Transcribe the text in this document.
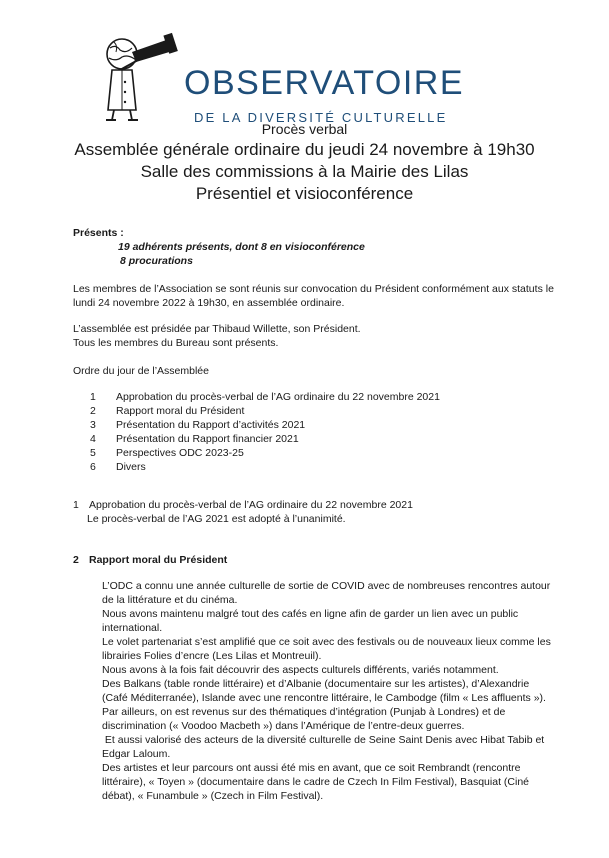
OBSERVATOIRE
DE LA DIVERSITÉ CULTURELLE
Procès verbal
Assemblée générale ordinaire du jeudi 24 novembre à 19h30
Salle des commissions à la Mairie des Lilas
Présentiel et visioconférence
Présents :
19 adhérents présents, dont 8 en visioconférence
8 procurations
Les membres de l’Association se sont réunis sur convocation du Président conformément aux statuts le
lundi 24 novembre 2022 à 19h30, en assemblée ordinaire.
L’assemblée est présidée par Thibaud Willette, son Président.
Tous les membres du Bureau sont présents.
Ordre du jour de l’Assemblée
1 Approbation du procès-verbal de l’AG ordinaire du 22 novembre 2021
2 Rapport moral du Président
3 Présentation du Rapport d’activités 2021
4 Présentation du Rapport financier 2021
5 Perspectives ODC 2023-25
6 Divers
1 Approbation du procès-verbal de l’AG ordinaire du 22 novembre 2021
Le procès-verbal de l’AG 2021 est adopté à l’unanimité.
2 Rapport moral du Président

L’ODC a connu une année culturelle de sortie de COVID avec de nombreuses rencontres autour

de la littérature et du cinéma.

Nous avons maintenu malgré tout des cafés en ligne afin de garder un lien avec un public

international.

Le volet partenariat s’est amplifié que ce soit avec des festivals ou de nouveaux lieux comme les

librairies Folies d’encre (Les Lilas et Montreuil).

Nous avons à la fois fait découvrir des aspects culturels différents, variés notamment.

Des Balkans (table ronde littéraire) et d’Albanie (documentaire sur les artistes), d’Alexandrie

(Café Méditerranée), Islande avec une rencontre littéraire, le Cambodge (film « Les affluents »).

Par ailleurs, on est revenus sur des thématiques d’intégration (Punjab à Londres) et de

discrimination (« Voodoo Macbeth ») dans l’Amérique de l’entre-deux guerres.

Et aussi valorisé des acteurs de la diversité culturelle de Seine Saint Denis avec Hibat Tabib et

Edgar Laloum.

Des artistes et leur parcours ont aussi été mis en avant, que ce soit Rembrandt (rencontre

littéraire), « Toyen » (documentaire dans le cadre de Czech In Film Festival), Basquiat (Ciné

débat), « Funambule » (Czech in Film Festival).
